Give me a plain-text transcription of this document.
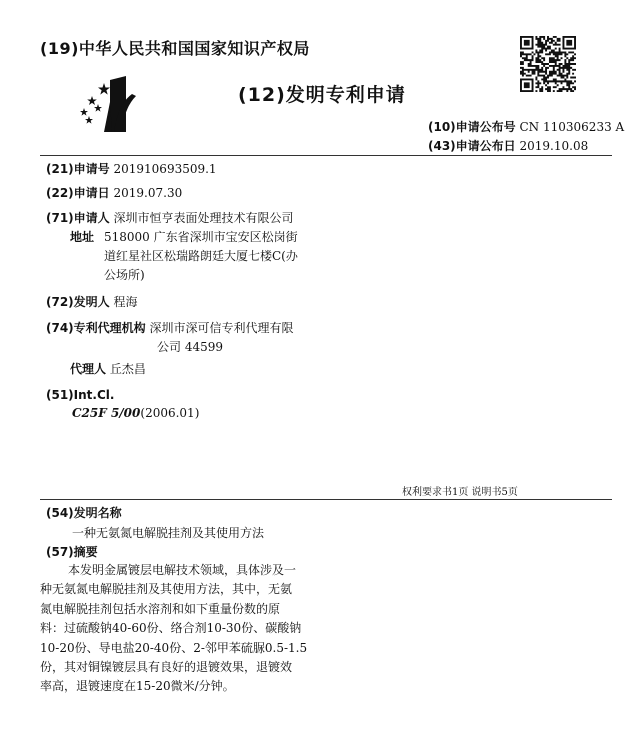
(19)中华人民共和国国家知识产权局
(12)发明专利申请
(10)申请公布号 CN 110306233 A
(43)申请公布日 2019.10.08
(21)申请号 201910693509.1
(22)申请日 2019.07.30
(71)申请人 深圳市恒亨表面处理技术有限公司
地址 518000 广东省深圳市宝安区松岗街
道红星社区松瑞路朗廷大厦七楼C(办
公场所)
(72)发明人 程海
(74)专利代理机构 深圳市深可信专利代理有限
公司 44599
代理人 丘杰昌
(51)Int.Cl.
C25F 5/00(2006.01)
权利要求书1页 说明书5页
(54)发明名称
一种无氨氮电解脱挂剂及其使用方法
(57)摘要

本发明金属镀层电解技术领域，具体涉及一
种无氨氮电解脱挂剂及其使用方法，其中，无氨
氮电解脱挂剂包括水溶剂和如下重量份数的原
料：过硫酸钠40-60份、络合剂10-30份、碳酸钠
10-20份、导电盐20-40份、2-邻甲苯硫脲0.5-1.5
份，其对铜镍镀层具有良好的退镀效果，退镀效
率高，退镀速度在15-20微米/分钟。
